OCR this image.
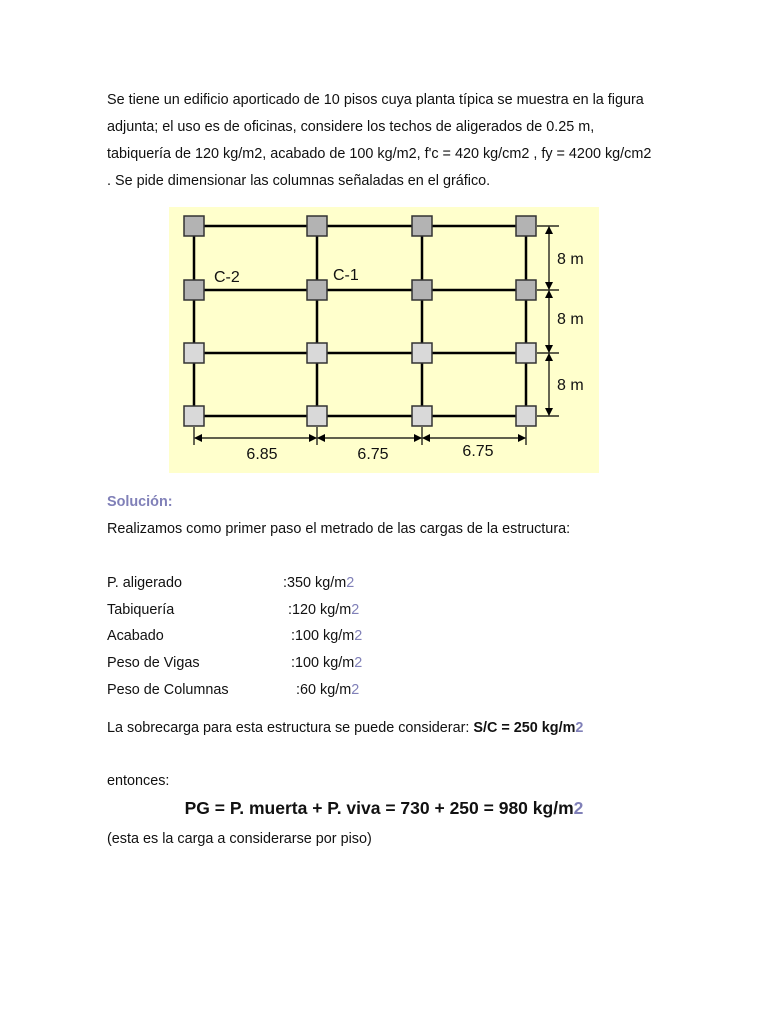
Se tiene un edificio aporticado de 10 pisos cuya planta típica se muestra en la figura
adjunta; el uso es de oficinas, considere los techos de aligerados de 0.25 m,
tabiquería de 120 kg/m2, acabado de 100 kg/m2, f'c = 420 kg/cm2 , fy = 4200 kg/cm2
. Se pide dimensionar las columnas señaladas en el gráfico.
C-2	C-1
8 m
8 m
8 m
6.85	6.75	6.75
Solución:
Realizamos como primer paso el metrado de las cargas de la estructura:
P. aligerado	:350 kg/m2
Tabiquería	:120 kg/m2
Acabado	:100 kg/m2
Peso de Vigas	:100 kg/m2
Peso de Columnas	:60 kg/m2
La sobrecarga para esta estructura se puede considerar: S/C = 250 kg/m2
entonces:
PG = P. muerta + P. viva = 730 + 250 = 980 kg/m2
(esta es la carga a considerarse por piso)
